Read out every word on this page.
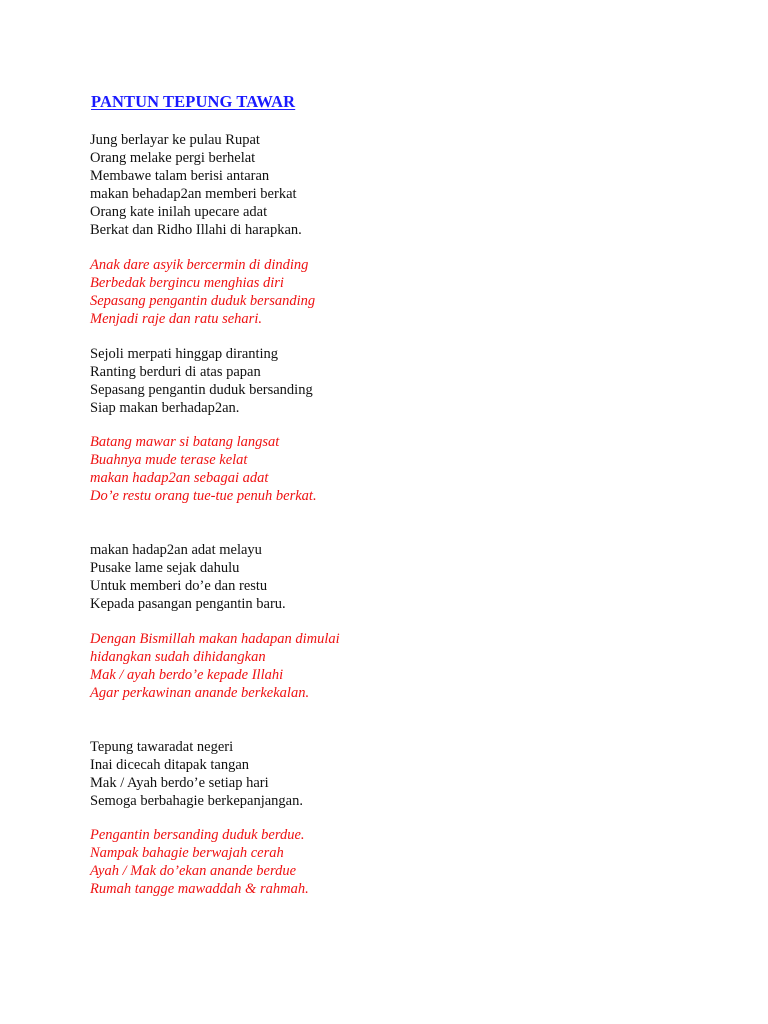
PANTUN TEPUNG TAWAR
Jung berlayar ke pulau Rupat
Orang melake pergi berhelat
Membawe talam berisi antaran
makan behadap2an memberi berkat
Orang kate inilah upecare adat
Berkat dan Ridho Illahi di harapkan.
Anak dare asyik bercermin di dinding
Berbedak bergincu menghias diri
Sepasang pengantin duduk bersanding
Menjadi raje dan ratu sehari.
Sejoli merpati hinggap diranting
Ranting berduri di atas papan
Sepasang pengantin duduk bersanding
Siap makan berhadap2an.
Batang mawar si batang langsat
Buahnya mude terase kelat
makan hadap2an sebagai adat
Do’e restu orang tue-tue penuh berkat.
makan hadap2an adat melayu
Pusake lame sejak dahulu
Untuk memberi do’e dan restu
Kepada pasangan pengantin baru.
Dengan Bismillah makan hadapan dimulai
hidangkan sudah dihidangkan
Mak / ayah berdo’e kepade Illahi
Agar perkawinan anande berkekalan.
Tepung tawaradat negeri
Inai dicecah ditapak tangan
Mak / Ayah berdo’e setiap hari
Semoga berbahagie berkepanjangan.
Pengantin bersanding duduk berdue.
Nampak bahagie berwajah cerah
Ayah / Mak do’ekan anande berdue
Rumah tangge mawaddah & rahmah.
